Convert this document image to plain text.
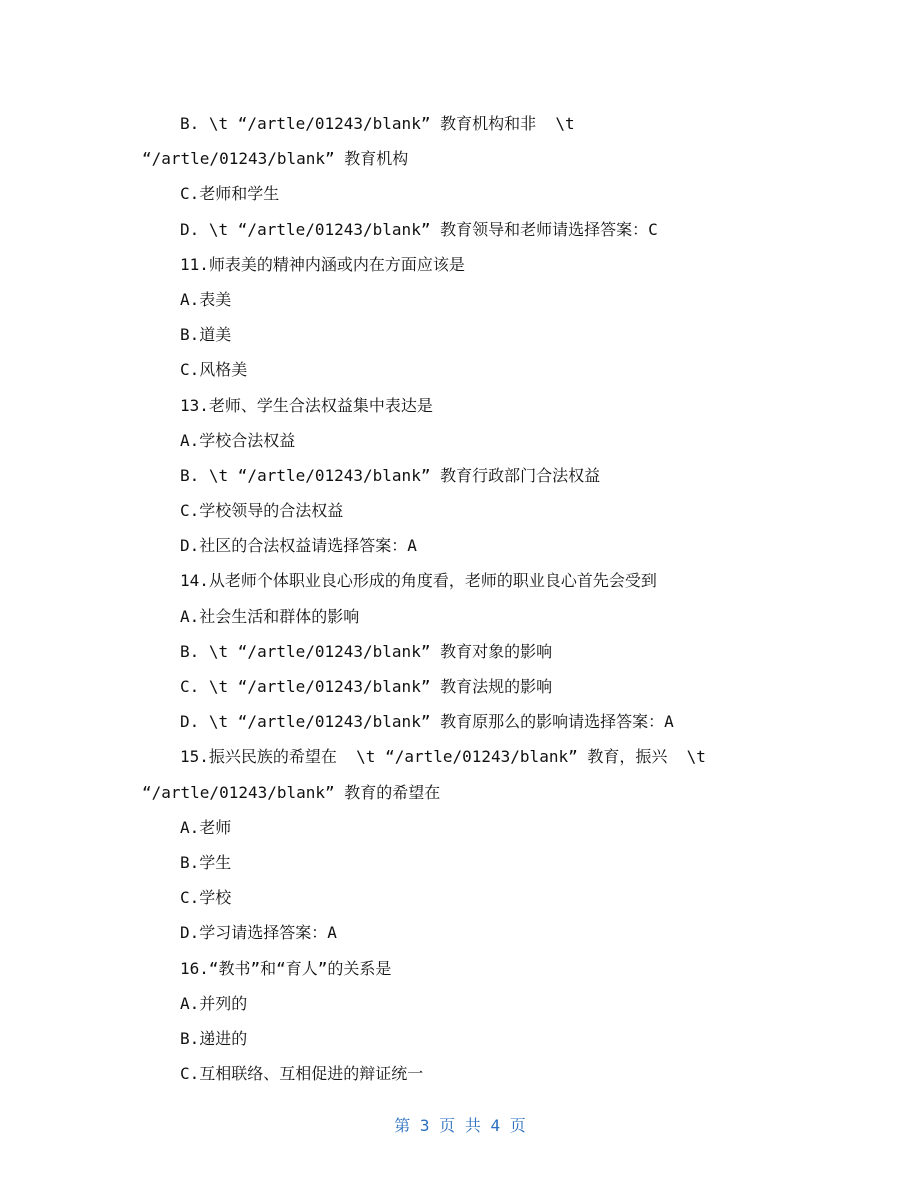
B. \t “/artle/01243/blank” 教育机构和非  \t
“/artle/01243/blank” 教育机构
C.老师和学生
D. \t “/artle/01243/blank” 教育领导和老师请选择答案：C
11.师表美的精神内涵或内在方面应该是
A.表美
B.道美
C.风格美
13.老师、学生合法权益集中表达是
A.学校合法权益
B. \t “/artle/01243/blank” 教育行政部门合法权益
C.学校领导的合法权益
D.社区的合法权益请选择答案：A
14.从老师个体职业良心形成的角度看，老师的职业良心首先会受到
A.社会生活和群体的影响
B. \t “/artle/01243/blank” 教育对象的影响
C. \t “/artle/01243/blank” 教育法规的影响
D. \t “/artle/01243/blank” 教育原那么的影响请选择答案：A
15.振兴民族的希望在  \t “/artle/01243/blank” 教育，振兴  \t
“/artle/01243/blank” 教育的希望在
A.老师
B.学生
C.学校
D.学习请选择答案：A
16.“教书”和“育人”的关系是
A.并列的
B.递进的
C.互相联络、互相促进的辩证统一
第 3 页 共 4 页
